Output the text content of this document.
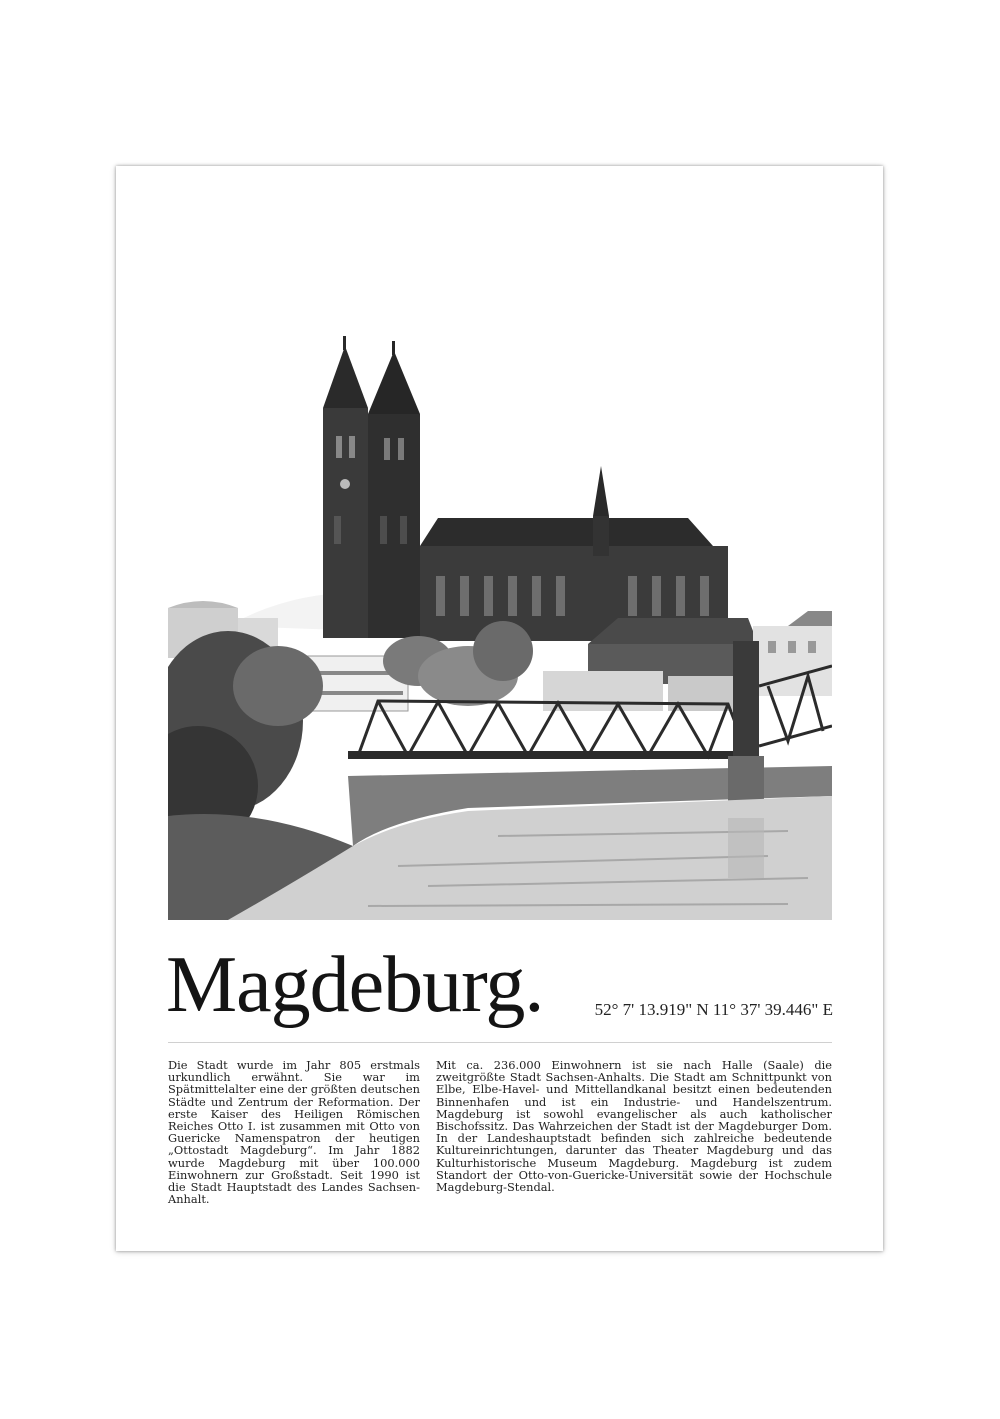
Magdeburg.	52° 7' 13.919" N 11° 37' 39.446" E
Die Stadt wurde im Jahr 805 erstmals urkundlich erwähnt. Sie war im Spätmittelalter eine der größten deutschen Städte und Zentrum der Reformation. Der erste Kaiser des Heiligen Römischen Reiches Otto I. ist zusammen mit Otto von Guericke Namenspatron der heutigen „Ottostadt Magdeburg“. Im Jahr 1882 wurde Magdeburg mit über 100.000 Einwohnern zur Großstadt. Seit 1990 ist die Stadt Hauptstadt des Landes Sachsen-Anhalt.
Mit ca. 236.000 Einwohnern ist sie nach Halle (Saale) die zweitgrößte Stadt Sachsen-Anhalts. Die Stadt am Schnittpunkt von Elbe, Elbe-Havel- und Mittellandkanal besitzt einen bedeutenden Binnenhafen und ist ein Industrie- und Handelszentrum. Magdeburg ist sowohl evangelischer als auch katholischer Bischofssitz. Das Wahrzeichen der Stadt ist der Magdeburger Dom. In der Landeshauptstadt befinden sich zahlreiche bedeutende Kultureinrichtungen, darunter das Theater Magdeburg und das Kulturhistorische Museum Magdeburg. Magdeburg ist zudem Standort der Otto-von-Guericke-Universität sowie der Hochschule Magdeburg-Stendal.
